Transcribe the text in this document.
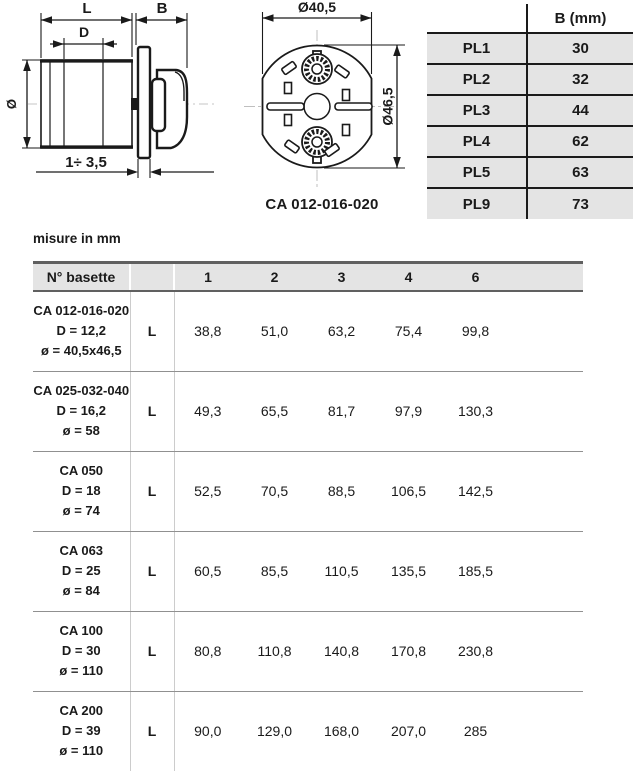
L	B
D
Ø
1÷ 3,5
Ø40,5
Ø46,5
CA 012-016-020
	B (mm)
PL1	30
PL2	32
PL3	44
PL4	62
PL5	63
PL9	73
misure in mm
N° basette		1	2	3	4	6	

CA 012-016-020
D = 12,2
ø = 40,5x46,5	L	38,8	51,0	63,2	75,4	99,8	

CA 025-032-040
D = 16,2
ø = 58	L	49,3	65,5	81,7	97,9	130,3	

CA 050
D = 18
ø = 74	L	52,5	70,5	88,5	106,5	142,5	

CA 063
D = 25
ø = 84	L	60,5	85,5	110,5	135,5	185,5	

CA 100
D = 30
ø = 110	L	80,8	110,8	140,8	170,8	230,8	

CA 200
D = 39
ø = 110	L	90,0	129,0	168,0	207,0	285	
